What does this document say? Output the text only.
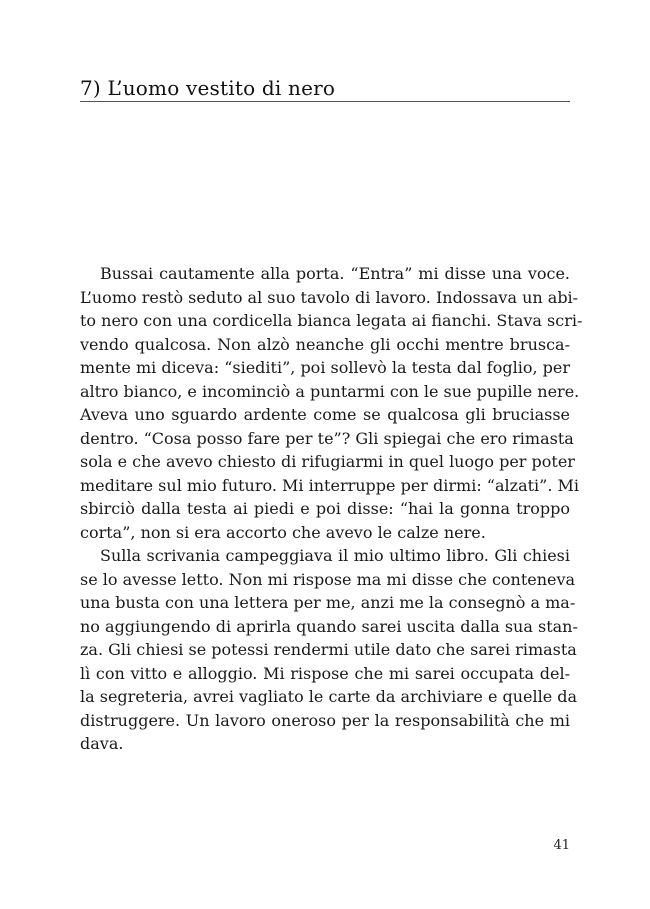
7) L’uomo vestito di nero

Bussai cautamente alla porta. “Entra” mi disse una voce.
L’uomo restò seduto al suo tavolo di lavoro. Indossava un abi-
to nero con una cordicella bianca legata ai fianchi. Stava scri-
vendo qualcosa. Non alzò neanche gli occhi mentre brusca-
mente mi diceva: “siediti”, poi sollevò la testa dal foglio, per
altro bianco, e incominciò a puntarmi con le sue pupille nere.
Aveva uno sguardo ardente come se qualcosa gli bruciasse
dentro. “Cosa posso fare per te”? Gli spiegai che ero rimasta
sola e che avevo chiesto di rifugiarmi in quel luogo per poter
meditare sul mio futuro. Mi interruppe per dirmi: “alzati”. Mi
sbirciò dalla testa ai piedi e poi disse: “hai la gonna troppo
corta”, non si era accorto che avevo le calze nere.

Sulla scrivania campeggiava il mio ultimo libro. Gli chiesi
se lo avesse letto. Non mi rispose ma mi disse che conteneva
una busta con una lettera per me, anzi me la consegnò a ma-
no aggiungendo di aprirla quando sarei uscita dalla sua stan-
za. Gli chiesi se potessi rendermi utile dato che sarei rimasta
lì con vitto e alloggio. Mi rispose che mi sarei occupata del-
la segreteria, avrei vagliato le carte da archiviare e quelle da
distruggere. Un lavoro oneroso per la responsabilità che mi
dava.

41
